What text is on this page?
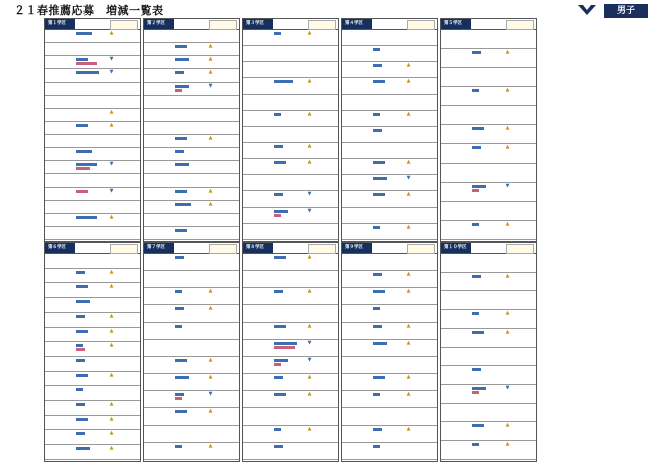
２１春推薦応募　増減一覧表	男子
第１学区
▲
▼
▼
▲
▲
▼
▼
▲
第２学区
▲
▲
▲
▼
▲
▲
▲
第３学区
▲
▲
▲
▲
▲
▼
▼
第４学区
▲
▲
▲
▲
▼
▲
▲
第５学区
▲
▲
▲
▲
▼
▲
第６学区
▲
▲
▲
▲
▲
▲
▲
▲
▲
▲
第７学区
▲
▲
▲
▲
▼
▲
▲
第８学区
▲
▲
▲
▼
▼
▲
▲
▲
第９学区
▲
▲
▲
▲
▲
▲
▲
第１０学区
▲
▲
▲
▼
▲
▲
